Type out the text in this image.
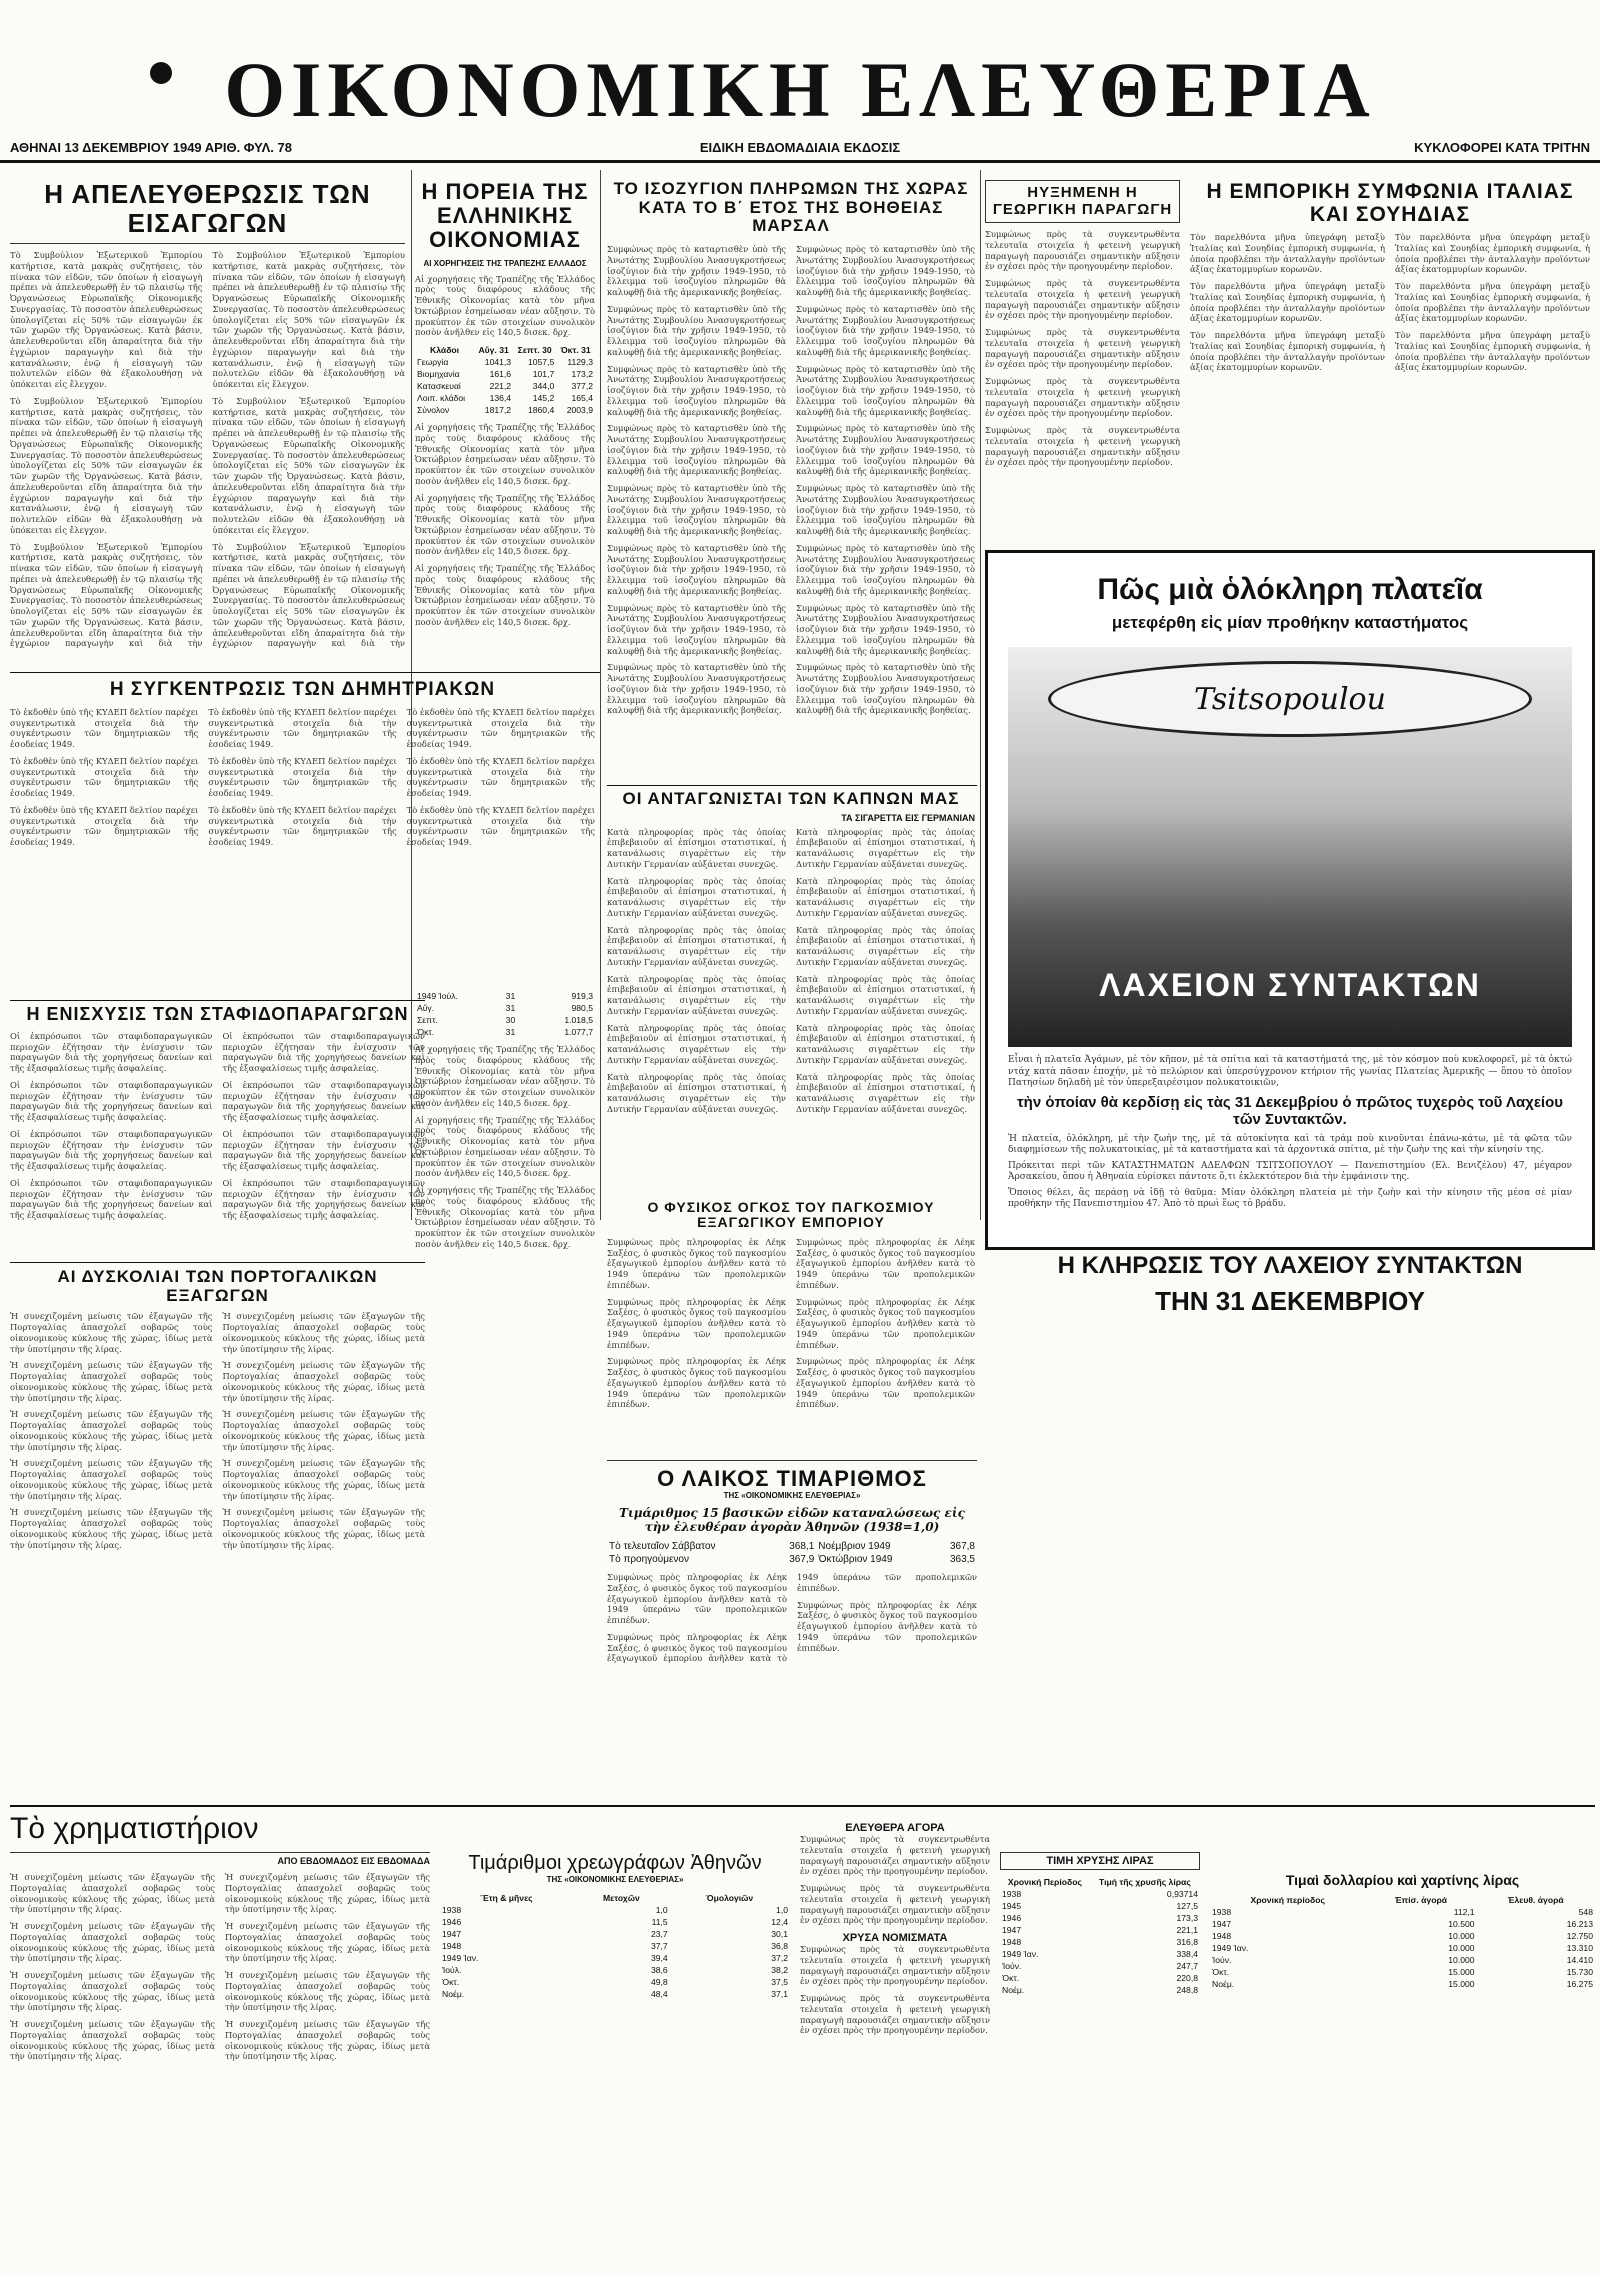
ΟΙΚΟΝΟΜΙΚΗ ΕΛΕΥΘΕΡΙΑ
ΑΘΗΝΑΙ 13 ΔΕΚΕΜΒΡΙΟΥ 1949 ΑΡΙΘ. ΦΥΛ. 78	ΕΙΔΙΚΗ ΕΒΔΟΜΑΔΙΑΙΑ ΕΚΔΟΣΙΣ	ΚΥΚΛΟΦΟΡΕΙ ΚΑΤΑ ΤΡΙΤΗΝ
Η ΑΠΕΛΕΥΘΕΡΩΣΙΣ ΤΩΝ ΕΙΣΑΓΩΓΩΝ

Τὸ Συμβούλιον Ἐξωτερικοῦ Ἐμπορίου κατήρτισε, κατὰ μακρὰς συζητήσεις, τὸν πίνακα τῶν εἰδῶν, τῶν ὁποίων ἡ εἰσαγωγὴ πρέπει νὰ ἀπελευθερωθῇ ἐν τῷ πλαισίῳ τῆς Ὀργανώσεως Εὐρωπαϊκῆς Οἰκονομικῆς Συνεργασίας. Τὸ ποσοστὸν ἀπελευθερώσεως ὑπολογίζεται εἰς 50% τῶν εἰσαγωγῶν ἐκ τῶν χωρῶν τῆς Ὀργανώσεως. Κατὰ βάσιν, ἀπελευθεροῦνται εἴδη ἀπαραίτητα διὰ τὴν ἐγχώριον παραγωγὴν καὶ διὰ τὴν κατανάλωσιν, ἐνῷ ἡ εἰσαγωγὴ τῶν πολυτελῶν εἰδῶν θὰ ἐξακολουθήσῃ νὰ ὑπόκειται εἰς ἔλεγχον.

Τὸ Συμβούλιον Ἐξωτερικοῦ Ἐμπορίου κατήρτισε, κατὰ μακρὰς συζητήσεις, τὸν πίνακα τῶν εἰδῶν, τῶν ὁποίων ἡ εἰσαγωγὴ πρέπει νὰ ἀπελευθερωθῇ ἐν τῷ πλαισίῳ τῆς Ὀργανώσεως Εὐρωπαϊκῆς Οἰκονομικῆς Συνεργασίας. Τὸ ποσοστὸν ἀπελευθερώσεως ὑπολογίζεται εἰς 50% τῶν εἰσαγωγῶν ἐκ τῶν χωρῶν τῆς Ὀργανώσεως. Κατὰ βάσιν, ἀπελευθεροῦνται εἴδη ἀπαραίτητα διὰ τὴν ἐγχώριον παραγωγὴν καὶ διὰ τὴν κατανάλωσιν, ἐνῷ ἡ εἰσαγωγὴ τῶν πολυτελῶν εἰδῶν θὰ ἐξακολουθήσῃ νὰ ὑπόκειται εἰς ἔλεγχον.

Τὸ Συμβούλιον Ἐξωτερικοῦ Ἐμπορίου κατήρτισε, κατὰ μακρὰς συζητήσεις, τὸν πίνακα τῶν εἰδῶν, τῶν ὁποίων ἡ εἰσαγωγὴ πρέπει νὰ ἀπελευθερωθῇ ἐν τῷ πλαισίῳ τῆς Ὀργανώσεως Εὐρωπαϊκῆς Οἰκονομικῆς Συνεργασίας. Τὸ ποσοστὸν ἀπελευθερώσεως ὑπολογίζεται εἰς 50% τῶν εἰσαγωγῶν ἐκ τῶν χωρῶν τῆς Ὀργανώσεως. Κατὰ βάσιν, ἀπελευθεροῦνται εἴδη ἀπαραίτητα διὰ τὴν ἐγχώριον παραγωγὴν καὶ διὰ τὴν

Τὸ Συμβούλιον Ἐξωτερικοῦ Ἐμπορίου κατήρτισε, κατὰ μακρὰς συζητήσεις, τὸν πίνακα τῶν εἰδῶν, τῶν ὁποίων ἡ εἰσαγωγὴ πρέπει νὰ ἀπελευθερωθῇ ἐν τῷ πλαισίῳ τῆς Ὀργανώσεως Εὐρωπαϊκῆς Οἰκονομικῆς Συνεργασίας. Τὸ ποσοστὸν ἀπελευθερώσεως ὑπολογίζεται εἰς 50% τῶν εἰσαγωγῶν ἐκ τῶν χωρῶν τῆς Ὀργανώσεως. Κατὰ βάσιν, ἀπελευθεροῦνται εἴδη ἀπαραίτητα διὰ τὴν ἐγχώριον παραγωγὴν καὶ διὰ τὴν κατανάλωσιν, ἐνῷ ἡ εἰσαγωγὴ τῶν πολυτελῶν εἰδῶν θὰ ἐξακολουθήσῃ νὰ ὑπόκειται εἰς ἔλεγχον.

Τὸ Συμβούλιον Ἐξωτερικοῦ Ἐμπορίου κατήρτισε, κατὰ μακρὰς συζητήσεις, τὸν πίνακα τῶν εἰδῶν, τῶν ὁποίων ἡ εἰσαγωγὴ πρέπει νὰ ἀπελευθερωθῇ ἐν τῷ πλαισίῳ τῆς Ὀργανώσεως Εὐρωπαϊκῆς Οἰκονομικῆς Συνεργασίας. Τὸ ποσοστὸν ἀπελευθερώσεως ὑπολογίζεται εἰς 50% τῶν εἰσαγωγῶν ἐκ τῶν χωρῶν τῆς Ὀργανώσεως. Κατὰ βάσιν, ἀπελευθεροῦνται εἴδη ἀπαραίτητα διὰ τὴν ἐγχώριον παραγωγὴν καὶ διὰ τὴν κατανάλωσιν, ἐνῷ ἡ εἰσαγωγὴ τῶν πολυτελῶν εἰδῶν θὰ ἐξακολουθήσῃ νὰ ὑπόκειται εἰς ἔλεγχον.

Τὸ Συμβούλιον Ἐξωτερικοῦ Ἐμπορίου κατήρτισε, κατὰ μακρὰς συζητήσεις, τὸν πίνακα τῶν εἰδῶν, τῶν ὁποίων ἡ εἰσαγωγὴ πρέπει νὰ ἀπελευθερωθῇ ἐν τῷ πλαισίῳ τῆς Ὀργανώσεως Εὐρωπαϊκῆς Οἰκονομικῆς Συνεργασίας. Τὸ ποσοστὸν ἀπελευθερώσεως ὑπολογίζεται εἰς 50% τῶν εἰσαγωγῶν ἐκ τῶν χωρῶν τῆς Ὀργανώσεως. Κατὰ βάσιν, ἀπελευθεροῦνται εἴδη ἀπαραίτητα διὰ τὴν ἐγχώριον παραγωγὴν καὶ διὰ τὴν

Η ΣΥΓΚΕΝΤΡΩΣΙΣ ΤΩΝ ΔΗΜΗΤΡΙΑΚΩΝ

Τὸ ἐκδοθὲν ὑπὸ τῆς ΚΥΔΕΠ δελτίον παρέχει συγκεντρωτικὰ στοιχεῖα διὰ τὴν συγκέντρωσιν τῶν δημητριακῶν τῆς ἐσοδείας 1949.

Τὸ ἐκδοθὲν ὑπὸ τῆς ΚΥΔΕΠ δελτίον παρέχει συγκεντρωτικὰ στοιχεῖα διὰ τὴν συγκέντρωσιν τῶν δημητριακῶν τῆς ἐσοδείας 1949.

Τὸ ἐκδοθὲν ὑπὸ τῆς ΚΥΔΕΠ δελτίον παρέχει συγκεντρωτικὰ στοιχεῖα διὰ τὴν συγκέντρωσιν τῶν δημητριακῶν τῆς ἐσοδείας 1949.

Τὸ ἐκδοθὲν ὑπὸ τῆς ΚΥΔΕΠ δελτίον παρέχει συγκεντρωτικὰ στοιχεῖα διὰ τὴν συγκέντρωσιν τῶν δημητριακῶν τῆς ἐσοδείας 1949.

Τὸ ἐκδοθὲν ὑπὸ τῆς ΚΥΔΕΠ δελτίον παρέχει συγκεντρωτικὰ στοιχεῖα διὰ τὴν συγκέντρωσιν τῶν δημητριακῶν τῆς ἐσοδείας 1949.

Τὸ ἐκδοθὲν ὑπὸ τῆς ΚΥΔΕΠ δελτίον παρέχει συγκεντρωτικὰ στοιχεῖα διὰ τὴν συγκέντρωσιν τῶν δημητριακῶν τῆς ἐσοδείας 1949.

Τὸ ἐκδοθὲν ὑπὸ τῆς ΚΥΔΕΠ δελτίον παρέχει συγκεντρωτικὰ στοιχεῖα διὰ τὴν συγκέντρωσιν τῶν δημητριακῶν τῆς ἐσοδείας 1949.

Τὸ ἐκδοθὲν ὑπὸ τῆς ΚΥΔΕΠ δελτίον παρέχει συγκεντρωτικὰ στοιχεῖα διὰ τὴν συγκέντρωσιν τῶν δημητριακῶν τῆς ἐσοδείας 1949.

Τὸ ἐκδοθὲν ὑπὸ τῆς ΚΥΔΕΠ δελτίον παρέχει συγκεντρωτικὰ στοιχεῖα διὰ τὴν συγκέντρωσιν τῶν δημητριακῶν τῆς ἐσοδείας 1949.

Η ΕΝΙΣΧΥΣΙΣ ΤΩΝ ΣΤΑΦΙΔΟΠΑΡΑΓΩΓΩΝ

Οἱ ἐκπρόσωποι τῶν σταφιδοπαραγωγικῶν περιοχῶν ἐζήτησαν τὴν ἐνίσχυσιν τῶν παραγωγῶν διὰ τῆς χορηγήσεως δανείων καὶ τῆς ἐξασφαλίσεως τιμῆς ἀσφαλείας.

Οἱ ἐκπρόσωποι τῶν σταφιδοπαραγωγικῶν περιοχῶν ἐζήτησαν τὴν ἐνίσχυσιν τῶν παραγωγῶν διὰ τῆς χορηγήσεως δανείων καὶ τῆς ἐξασφαλίσεως τιμῆς ἀσφαλείας.

Οἱ ἐκπρόσωποι τῶν σταφιδοπαραγωγικῶν περιοχῶν ἐζήτησαν τὴν ἐνίσχυσιν τῶν παραγωγῶν διὰ τῆς χορηγήσεως δανείων καὶ τῆς ἐξασφαλίσεως τιμῆς ἀσφαλείας.

Οἱ ἐκπρόσωποι τῶν σταφιδοπαραγωγικῶν περιοχῶν ἐζήτησαν τὴν ἐνίσχυσιν τῶν παραγωγῶν διὰ τῆς χορηγήσεως δανείων καὶ τῆς ἐξασφαλίσεως τιμῆς ἀσφαλείας.

Οἱ ἐκπρόσωποι τῶν σταφιδοπαραγωγικῶν περιοχῶν ἐζήτησαν τὴν ἐνίσχυσιν τῶν παραγωγῶν διὰ τῆς χορηγήσεως δανείων καὶ τῆς ἐξασφαλίσεως τιμῆς ἀσφαλείας.

Οἱ ἐκπρόσωποι τῶν σταφιδοπαραγωγικῶν περιοχῶν ἐζήτησαν τὴν ἐνίσχυσιν τῶν παραγωγῶν διὰ τῆς χορηγήσεως δανείων καὶ τῆς ἐξασφαλίσεως τιμῆς ἀσφαλείας.

Οἱ ἐκπρόσωποι τῶν σταφιδοπαραγωγικῶν περιοχῶν ἐζήτησαν τὴν ἐνίσχυσιν τῶν παραγωγῶν διὰ τῆς χορηγήσεως δανείων καὶ τῆς ἐξασφαλίσεως τιμῆς ἀσφαλείας.

Οἱ ἐκπρόσωποι τῶν σταφιδοπαραγωγικῶν περιοχῶν ἐζήτησαν τὴν ἐνίσχυσιν τῶν παραγωγῶν διὰ τῆς χορηγήσεως δανείων καὶ τῆς ἐξασφαλίσεως τιμῆς ἀσφαλείας.

ΑΙ ΔΥΣΚΟΛΙΑΙ ΤΩΝ ΠΟΡΤΟΓΑΛΙΚΩΝ ΕΞΑΓΩΓΩΝ

Ἡ συνεχιζομένη μείωσις τῶν ἐξαγωγῶν τῆς Πορτογαλίας ἀπασχολεῖ σοβαρῶς τοὺς οἰκονομικοὺς κύκλους τῆς χώρας, ἰδίως μετὰ τὴν ὑποτίμησιν τῆς λίρας.

Ἡ συνεχιζομένη μείωσις τῶν ἐξαγωγῶν τῆς Πορτογαλίας ἀπασχολεῖ σοβαρῶς τοὺς οἰκονομικοὺς κύκλους τῆς χώρας, ἰδίως μετὰ τὴν ὑποτίμησιν τῆς λίρας.

Ἡ συνεχιζομένη μείωσις τῶν ἐξαγωγῶν τῆς Πορτογαλίας ἀπασχολεῖ σοβαρῶς τοὺς οἰκονομικοὺς κύκλους τῆς χώρας, ἰδίως μετὰ τὴν ὑποτίμησιν τῆς λίρας.

Ἡ συνεχιζομένη μείωσις τῶν ἐξαγωγῶν τῆς Πορτογαλίας ἀπασχολεῖ σοβαρῶς τοὺς οἰκονομικοὺς κύκλους τῆς χώρας, ἰδίως μετὰ τὴν ὑποτίμησιν τῆς λίρας.

Ἡ συνεχιζομένη μείωσις τῶν ἐξαγωγῶν τῆς Πορτογαλίας ἀπασχολεῖ σοβαρῶς τοὺς οἰκονομικοὺς κύκλους τῆς χώρας, ἰδίως μετὰ τὴν ὑποτίμησιν τῆς λίρας.

Ἡ συνεχιζομένη μείωσις τῶν ἐξαγωγῶν τῆς Πορτογαλίας ἀπασχολεῖ σοβαρῶς τοὺς οἰκονομικοὺς κύκλους τῆς χώρας, ἰδίως μετὰ τὴν ὑποτίμησιν τῆς λίρας.

Ἡ συνεχιζομένη μείωσις τῶν ἐξαγωγῶν τῆς Πορτογαλίας ἀπασχολεῖ σοβαρῶς τοὺς οἰκονομικοὺς κύκλους τῆς χώρας, ἰδίως μετὰ τὴν ὑποτίμησιν τῆς λίρας.

Ἡ συνεχιζομένη μείωσις τῶν ἐξαγωγῶν τῆς Πορτογαλίας ἀπασχολεῖ σοβαρῶς τοὺς οἰκονομικοὺς κύκλους τῆς χώρας, ἰδίως μετὰ τὴν ὑποτίμησιν τῆς λίρας.

Ἡ συνεχιζομένη μείωσις τῶν ἐξαγωγῶν τῆς Πορτογαλίας ἀπασχολεῖ σοβαρῶς τοὺς οἰκονομικοὺς κύκλους τῆς χώρας, ἰδίως μετὰ τὴν ὑποτίμησιν τῆς λίρας.

Ἡ συνεχιζομένη μείωσις τῶν ἐξαγωγῶν τῆς Πορτογαλίας ἀπασχολεῖ σοβαρῶς τοὺς οἰκονομικοὺς κύκλους τῆς χώρας, ἰδίως μετὰ τὴν ὑποτίμησιν τῆς λίρας.

Η ΠΟΡΕΙΑ ΤΗΣ ΕΛΛΗΝΙΚΗΣ ΟΙΚΟΝΟΜΙΑΣ
ΑΙ ΧΟΡΗΓΗΣΕΙΣ ΤΗΣ ΤΡΑΠΕΖΗΣ ΕΛΛΑΔΟΣ

Αἱ χορηγήσεις τῆς Τραπέζης τῆς Ἑλλάδος πρὸς τοὺς διαφόρους κλάδους τῆς Ἐθνικῆς Οἰκονομίας κατὰ τὸν μῆνα Ὀκτώβριον ἐσημείωσαν νέαν αὔξησιν. Τὸ προκύπτον ἐκ τῶν στοιχείων συνολικὸν ποσὸν ἀνῆλθεν εἰς 140,5 δισεκ. δρχ.

Κλάδοι	Αὔγ. 31	Σεπτ. 30	Ὀκτ. 31
Γεωργία	1041,3	1057,5	1129,3
Βιομηχανία	161,6	101,7	173,2
Κατασκευαί	221,2	344,0	377,2
Λοιπ. κλάδοι	136,4	145,2	165,4
Σύνολον	1817,2	1860,4	2003,9

Αἱ χορηγήσεις τῆς Τραπέζης τῆς Ἑλλάδος πρὸς τοὺς διαφόρους κλάδους τῆς Ἐθνικῆς Οἰκονομίας κατὰ τὸν μῆνα Ὀκτώβριον ἐσημείωσαν νέαν αὔξησιν. Τὸ προκύπτον ἐκ τῶν στοιχείων συνολικὸν ποσὸν ἀνῆλθεν εἰς 140,5 δισεκ. δρχ.

Αἱ χορηγήσεις τῆς Τραπέζης τῆς Ἑλλάδος πρὸς τοὺς διαφόρους κλάδους τῆς Ἐθνικῆς Οἰκονομίας κατὰ τὸν μῆνα Ὀκτώβριον ἐσημείωσαν νέαν αὔξησιν. Τὸ προκύπτον ἐκ τῶν στοιχείων συνολικὸν ποσὸν ἀνῆλθεν εἰς 140,5 δισεκ. δρχ.

Αἱ χορηγήσεις τῆς Τραπέζης τῆς Ἑλλάδος πρὸς τοὺς διαφόρους κλάδους τῆς Ἐθνικῆς Οἰκονομίας κατὰ τὸν μῆνα Ὀκτώβριον ἐσημείωσαν νέαν αὔξησιν. Τὸ προκύπτον ἐκ τῶν στοιχείων συνολικὸν ποσὸν ἀνῆλθεν εἰς 140,5 δισεκ. δρχ.

1949 Ἰούλ.	31	919,3
Αὔγ.	31	980,5
Σεπτ.	30	1.018,5
Ὀκτ.	31	1.077,7

Αἱ χορηγήσεις τῆς Τραπέζης τῆς Ἑλλάδος πρὸς τοὺς διαφόρους κλάδους τῆς Ἐθνικῆς Οἰκονομίας κατὰ τὸν μῆνα Ὀκτώβριον ἐσημείωσαν νέαν αὔξησιν. Τὸ προκύπτον ἐκ τῶν στοιχείων συνολικὸν ποσὸν ἀνῆλθεν εἰς 140,5 δισεκ. δρχ.

Αἱ χορηγήσεις τῆς Τραπέζης τῆς Ἑλλάδος πρὸς τοὺς διαφόρους κλάδους τῆς Ἐθνικῆς Οἰκονομίας κατὰ τὸν μῆνα Ὀκτώβριον ἐσημείωσαν νέαν αὔξησιν. Τὸ προκύπτον ἐκ τῶν στοιχείων συνολικὸν ποσὸν ἀνῆλθεν εἰς 140,5 δισεκ. δρχ.

Αἱ χορηγήσεις τῆς Τραπέζης τῆς Ἑλλάδος πρὸς τοὺς διαφόρους κλάδους τῆς Ἐθνικῆς Οἰκονομίας κατὰ τὸν μῆνα Ὀκτώβριον ἐσημείωσαν νέαν αὔξησιν. Τὸ προκύπτον ἐκ τῶν στοιχείων συνολικὸν ποσὸν ἀνῆλθεν εἰς 140,5 δισεκ. δρχ.

ΤΟ ΙΣΟΖΥΓΙΟΝ ΠΛΗΡΩΜΩΝ ΤΗΣ ΧΩΡΑΣ ΚΑΤΑ ΤΟ Β΄ ΕΤΟΣ ΤΗΣ ΒΟΗΘΕΙΑΣ ΜΑΡΣΑΛ

Συμφώνως πρὸς τὸ καταρτισθὲν ὑπὸ τῆς Ἀνωτάτης Συμβουλίου Ἀνασυγκροτήσεως ἰσοζύγιον διὰ τὴν χρῆσιν 1949-1950, τὸ ἔλλειμμα τοῦ ἰσοζυγίου πληρωμῶν θὰ καλυφθῇ διὰ τῆς ἀμερικανικῆς βοηθείας.

Συμφώνως πρὸς τὸ καταρτισθὲν ὑπὸ τῆς Ἀνωτάτης Συμβουλίου Ἀνασυγκροτήσεως ἰσοζύγιον διὰ τὴν χρῆσιν 1949-1950, τὸ ἔλλειμμα τοῦ ἰσοζυγίου πληρωμῶν θὰ καλυφθῇ διὰ τῆς ἀμερικανικῆς βοηθείας.

Συμφώνως πρὸς τὸ καταρτισθὲν ὑπὸ τῆς Ἀνωτάτης Συμβουλίου Ἀνασυγκροτήσεως ἰσοζύγιον διὰ τὴν χρῆσιν 1949-1950, τὸ ἔλλειμμα τοῦ ἰσοζυγίου πληρωμῶν θὰ καλυφθῇ διὰ τῆς ἀμερικανικῆς βοηθείας.

Συμφώνως πρὸς τὸ καταρτισθὲν ὑπὸ τῆς Ἀνωτάτης Συμβουλίου Ἀνασυγκροτήσεως ἰσοζύγιον διὰ τὴν χρῆσιν 1949-1950, τὸ ἔλλειμμα τοῦ ἰσοζυγίου πληρωμῶν θὰ καλυφθῇ διὰ τῆς ἀμερικανικῆς βοηθείας.

Συμφώνως πρὸς τὸ καταρτισθὲν ὑπὸ τῆς Ἀνωτάτης Συμβουλίου Ἀνασυγκροτήσεως ἰσοζύγιον διὰ τὴν χρῆσιν 1949-1950, τὸ ἔλλειμμα τοῦ ἰσοζυγίου πληρωμῶν θὰ καλυφθῇ διὰ τῆς ἀμερικανικῆς βοηθείας.

Συμφώνως πρὸς τὸ καταρτισθὲν ὑπὸ τῆς Ἀνωτάτης Συμβουλίου Ἀνασυγκροτήσεως ἰσοζύγιον διὰ τὴν χρῆσιν 1949-1950, τὸ ἔλλειμμα τοῦ ἰσοζυγίου πληρωμῶν θὰ καλυφθῇ διὰ τῆς ἀμερικανικῆς βοηθείας.

Συμφώνως πρὸς τὸ καταρτισθὲν ὑπὸ τῆς Ἀνωτάτης Συμβουλίου Ἀνασυγκροτήσεως ἰσοζύγιον διὰ τὴν χρῆσιν 1949-1950, τὸ ἔλλειμμα τοῦ ἰσοζυγίου πληρωμῶν θὰ καλυφθῇ διὰ τῆς ἀμερικανικῆς βοηθείας.

Συμφώνως πρὸς τὸ καταρτισθὲν ὑπὸ τῆς Ἀνωτάτης Συμβουλίου Ἀνασυγκροτήσεως ἰσοζύγιον διὰ τὴν χρῆσιν 1949-1950, τὸ ἔλλειμμα τοῦ ἰσοζυγίου πληρωμῶν θὰ καλυφθῇ διὰ τῆς ἀμερικανικῆς βοηθείας.

Συμφώνως πρὸς τὸ καταρτισθὲν ὑπὸ τῆς Ἀνωτάτης Συμβουλίου Ἀνασυγκροτήσεως ἰσοζύγιον διὰ τὴν χρῆσιν 1949-1950, τὸ ἔλλειμμα τοῦ ἰσοζυγίου πληρωμῶν θὰ καλυφθῇ διὰ τῆς ἀμερικανικῆς βοηθείας.

Συμφώνως πρὸς τὸ καταρτισθὲν ὑπὸ τῆς Ἀνωτάτης Συμβουλίου Ἀνασυγκροτήσεως ἰσοζύγιον διὰ τὴν χρῆσιν 1949-1950, τὸ ἔλλειμμα τοῦ ἰσοζυγίου πληρωμῶν θὰ καλυφθῇ διὰ τῆς ἀμερικανικῆς βοηθείας.

Συμφώνως πρὸς τὸ καταρτισθὲν ὑπὸ τῆς Ἀνωτάτης Συμβουλίου Ἀνασυγκροτήσεως ἰσοζύγιον διὰ τὴν χρῆσιν 1949-1950, τὸ ἔλλειμμα τοῦ ἰσοζυγίου πληρωμῶν θὰ καλυφθῇ διὰ τῆς ἀμερικανικῆς βοηθείας.

Συμφώνως πρὸς τὸ καταρτισθὲν ὑπὸ τῆς Ἀνωτάτης Συμβουλίου Ἀνασυγκροτήσεως ἰσοζύγιον διὰ τὴν χρῆσιν 1949-1950, τὸ ἔλλειμμα τοῦ ἰσοζυγίου πληρωμῶν θὰ καλυφθῇ διὰ τῆς ἀμερικανικῆς βοηθείας.

Συμφώνως πρὸς τὸ καταρτισθὲν ὑπὸ τῆς Ἀνωτάτης Συμβουλίου Ἀνασυγκροτήσεως ἰσοζύγιον διὰ τὴν χρῆσιν 1949-1950, τὸ ἔλλειμμα τοῦ ἰσοζυγίου πληρωμῶν θὰ καλυφθῇ διὰ τῆς ἀμερικανικῆς βοηθείας.

Συμφώνως πρὸς τὸ καταρτισθὲν ὑπὸ τῆς Ἀνωτάτης Συμβουλίου Ἀνασυγκροτήσεως ἰσοζύγιον διὰ τὴν χρῆσιν 1949-1950, τὸ ἔλλειμμα τοῦ ἰσοζυγίου πληρωμῶν θὰ καλυφθῇ διὰ τῆς ἀμερικανικῆς βοηθείας.

Συμφώνως πρὸς τὸ καταρτισθὲν ὑπὸ τῆς Ἀνωτάτης Συμβουλίου Ἀνασυγκροτήσεως ἰσοζύγιον διὰ τὴν χρῆσιν 1949-1950, τὸ ἔλλειμμα τοῦ ἰσοζυγίου πληρωμῶν θὰ καλυφθῇ διὰ τῆς ἀμερικανικῆς βοηθείας.

Συμφώνως πρὸς τὸ καταρτισθὲν ὑπὸ τῆς Ἀνωτάτης Συμβουλίου Ἀνασυγκροτήσεως ἰσοζύγιον διὰ τὴν χρῆσιν 1949-1950, τὸ ἔλλειμμα τοῦ ἰσοζυγίου πληρωμῶν θὰ καλυφθῇ διὰ τῆς ἀμερικανικῆς βοηθείας.

ΟΙ ΑΝΤΑΓΩΝΙΣΤΑΙ ΤΩΝ ΚΑΠΝΩΝ ΜΑΣ
ΤΑ ΣΙΓΑΡΕΤΤΑ ΕΙΣ ΓΕΡΜΑΝΙΑΝ

Κατὰ πληροφορίας πρὸς τὰς ὁποίας ἐπιβεβαιοῦν αἱ ἐπίσημοι στατιστικαί, ἡ κατανάλωσις σιγαρέττων εἰς τὴν Δυτικὴν Γερμανίαν αὐξάνεται συνεχῶς.

Κατὰ πληροφορίας πρὸς τὰς ὁποίας ἐπιβεβαιοῦν αἱ ἐπίσημοι στατιστικαί, ἡ κατανάλωσις σιγαρέττων εἰς τὴν Δυτικὴν Γερμανίαν αὐξάνεται συνεχῶς.

Κατὰ πληροφορίας πρὸς τὰς ὁποίας ἐπιβεβαιοῦν αἱ ἐπίσημοι στατιστικαί, ἡ κατανάλωσις σιγαρέττων εἰς τὴν Δυτικὴν Γερμανίαν αὐξάνεται συνεχῶς.

Κατὰ πληροφορίας πρὸς τὰς ὁποίας ἐπιβεβαιοῦν αἱ ἐπίσημοι στατιστικαί, ἡ κατανάλωσις σιγαρέττων εἰς τὴν Δυτικὴν Γερμανίαν αὐξάνεται συνεχῶς.

Κατὰ πληροφορίας πρὸς τὰς ὁποίας ἐπιβεβαιοῦν αἱ ἐπίσημοι στατιστικαί, ἡ κατανάλωσις σιγαρέττων εἰς τὴν Δυτικὴν Γερμανίαν αὐξάνεται συνεχῶς.

Κατὰ πληροφορίας πρὸς τὰς ὁποίας ἐπιβεβαιοῦν αἱ ἐπίσημοι στατιστικαί, ἡ κατανάλωσις σιγαρέττων εἰς τὴν Δυτικὴν Γερμανίαν αὐξάνεται συνεχῶς.

Κατὰ πληροφορίας πρὸς τὰς ὁποίας ἐπιβεβαιοῦν αἱ ἐπίσημοι στατιστικαί, ἡ κατανάλωσις σιγαρέττων εἰς τὴν Δυτικὴν Γερμανίαν αὐξάνεται συνεχῶς.

Κατὰ πληροφορίας πρὸς τὰς ὁποίας ἐπιβεβαιοῦν αἱ ἐπίσημοι στατιστικαί, ἡ κατανάλωσις σιγαρέττων εἰς τὴν Δυτικὴν Γερμανίαν αὐξάνεται συνεχῶς.

Κατὰ πληροφορίας πρὸς τὰς ὁποίας ἐπιβεβαιοῦν αἱ ἐπίσημοι στατιστικαί, ἡ κατανάλωσις σιγαρέττων εἰς τὴν Δυτικὴν Γερμανίαν αὐξάνεται συνεχῶς.

Κατὰ πληροφορίας πρὸς τὰς ὁποίας ἐπιβεβαιοῦν αἱ ἐπίσημοι στατιστικαί, ἡ κατανάλωσις σιγαρέττων εἰς τὴν Δυτικὴν Γερμανίαν αὐξάνεται συνεχῶς.

Κατὰ πληροφορίας πρὸς τὰς ὁποίας ἐπιβεβαιοῦν αἱ ἐπίσημοι στατιστικαί, ἡ κατανάλωσις σιγαρέττων εἰς τὴν Δυτικὴν Γερμανίαν αὐξάνεται συνεχῶς.

Κατὰ πληροφορίας πρὸς τὰς ὁποίας ἐπιβεβαιοῦν αἱ ἐπίσημοι στατιστικαί, ἡ κατανάλωσις σιγαρέττων εἰς τὴν Δυτικὴν Γερμανίαν αὐξάνεται συνεχῶς.

Ο ΦΥΣΙΚΟΣ ΟΓΚΟΣ ΤΟΥ ΠΑΓΚΟΣΜΙΟΥ ΕΞΑΓΩΓΙΚΟΥ ΕΜΠΟΡΙΟΥ

Συμφώνως πρὸς πληροφορίας ἐκ Λέηκ Σαξέσς, ὁ φυσικὸς ὄγκος τοῦ παγκοσμίου ἐξαγωγικοῦ ἐμπορίου ἀνῆλθεν κατὰ τὸ 1949 ὑπεράνω τῶν προπολεμικῶν ἐπιπέδων.

Συμφώνως πρὸς πληροφορίας ἐκ Λέηκ Σαξέσς, ὁ φυσικὸς ὄγκος τοῦ παγκοσμίου ἐξαγωγικοῦ ἐμπορίου ἀνῆλθεν κατὰ τὸ 1949 ὑπεράνω τῶν προπολεμικῶν ἐπιπέδων.

Συμφώνως πρὸς πληροφορίας ἐκ Λέηκ Σαξέσς, ὁ φυσικὸς ὄγκος τοῦ παγκοσμίου ἐξαγωγικοῦ ἐμπορίου ἀνῆλθεν κατὰ τὸ 1949 ὑπεράνω τῶν προπολεμικῶν ἐπιπέδων.

Συμφώνως πρὸς πληροφορίας ἐκ Λέηκ Σαξέσς, ὁ φυσικὸς ὄγκος τοῦ παγκοσμίου ἐξαγωγικοῦ ἐμπορίου ἀνῆλθεν κατὰ τὸ 1949 ὑπεράνω τῶν προπολεμικῶν ἐπιπέδων.

Συμφώνως πρὸς πληροφορίας ἐκ Λέηκ Σαξέσς, ὁ φυσικὸς ὄγκος τοῦ παγκοσμίου ἐξαγωγικοῦ ἐμπορίου ἀνῆλθεν κατὰ τὸ 1949 ὑπεράνω τῶν προπολεμικῶν ἐπιπέδων.

Συμφώνως πρὸς πληροφορίας ἐκ Λέηκ Σαξέσς, ὁ φυσικὸς ὄγκος τοῦ παγκοσμίου ἐξαγωγικοῦ ἐμπορίου ἀνῆλθεν κατὰ τὸ 1949 ὑπεράνω τῶν προπολεμικῶν ἐπιπέδων.

ΗΥΞΗΜΕΝΗ Η ΓΕΩΡΓΙΚΗ ΠΑΡΑΓΩΓΗ

Συμφώνως πρὸς τὰ συγκεντρωθέντα τελευταῖα στοιχεῖα ἡ φετεινὴ γεωργικὴ παραγωγὴ παρουσιάζει σημαντικὴν αὔξησιν ἐν σχέσει πρὸς τὴν προηγουμένην περίοδον.

Συμφώνως πρὸς τὰ συγκεντρωθέντα τελευταῖα στοιχεῖα ἡ φετεινὴ γεωργικὴ παραγωγὴ παρουσιάζει σημαντικὴν αὔξησιν ἐν σχέσει πρὸς τὴν προηγουμένην περίοδον.

Συμφώνως πρὸς τὰ συγκεντρωθέντα τελευταῖα στοιχεῖα ἡ φετεινὴ γεωργικὴ παραγωγὴ παρουσιάζει σημαντικὴν αὔξησιν ἐν σχέσει πρὸς τὴν προηγουμένην περίοδον.

Συμφώνως πρὸς τὰ συγκεντρωθέντα τελευταῖα στοιχεῖα ἡ φετεινὴ γεωργικὴ παραγωγὴ παρουσιάζει σημαντικὴν αὔξησιν ἐν σχέσει πρὸς τὴν προηγουμένην περίοδον.

Συμφώνως πρὸς τὰ συγκεντρωθέντα τελευταῖα στοιχεῖα ἡ φετεινὴ γεωργικὴ παραγωγὴ παρουσιάζει σημαντικὴν αὔξησιν ἐν σχέσει πρὸς τὴν προηγουμένην περίοδον.

Η ΕΜΠΟΡΙΚΗ ΣΥΜΦΩΝΙΑ ΙΤΑΛΙΑΣ ΚΑΙ ΣΟΥΗΔΙΑΣ

Τὸν παρελθόντα μῆνα ὑπεγράφη μεταξὺ Ἰταλίας καὶ Σουηδίας ἐμπορικὴ συμφωνία, ἡ ὁποία προβλέπει τὴν ἀνταλλαγὴν προϊόντων ἀξίας ἑκατομμυρίων κορωνῶν.

Τὸν παρελθόντα μῆνα ὑπεγράφη μεταξὺ Ἰταλίας καὶ Σουηδίας ἐμπορικὴ συμφωνία, ἡ ὁποία προβλέπει τὴν ἀνταλλαγὴν προϊόντων ἀξίας ἑκατομμυρίων κορωνῶν.

Τὸν παρελθόντα μῆνα ὑπεγράφη μεταξὺ Ἰταλίας καὶ Σουηδίας ἐμπορικὴ συμφωνία, ἡ ὁποία προβλέπει τὴν ἀνταλλαγὴν προϊόντων ἀξίας ἑκατομμυρίων κορωνῶν.

Τὸν παρελθόντα μῆνα ὑπεγράφη μεταξὺ Ἰταλίας καὶ Σουηδίας ἐμπορικὴ συμφωνία, ἡ ὁποία προβλέπει τὴν ἀνταλλαγὴν προϊόντων ἀξίας ἑκατομμυρίων κορωνῶν.

Τὸν παρελθόντα μῆνα ὑπεγράφη μεταξὺ Ἰταλίας καὶ Σουηδίας ἐμπορικὴ συμφωνία, ἡ ὁποία προβλέπει τὴν ἀνταλλαγὴν προϊόντων ἀξίας ἑκατομμυρίων κορωνῶν.

Τὸν παρελθόντα μῆνα ὑπεγράφη μεταξὺ Ἰταλίας καὶ Σουηδίας ἐμπορικὴ συμφωνία, ἡ ὁποία προβλέπει τὴν ἀνταλλαγὴν προϊόντων ἀξίας ἑκατομμυρίων κορωνῶν.

Πῶς μιὰ ὁλόκληρη πλατεῖα
μετεφέρθη εἰς μίαν προθήκην καταστήματος
Tsitsopoulou
ΛΑΧΕΙΟΝ ΣΥΝΤΑΚΤΩΝ

Εἶναι ἡ πλατεῖα Ἀγάμων, μὲ τὸν κῆπον, μὲ τὰ σπίτια καὶ τὰ καταστήματά της, μὲ τὸν κόσμον ποὺ κυκλοφορεῖ, μὲ τὰ ὀκτώ ντάχ κατὰ πᾶσαν ἐποχήν, μὲ τὸ πελώριον καὶ ὑπερσύγχρονον κτήριον τῆς γωνίας Πλατείας Ἀμερικῆς — ὅπου τὸ ὁποῖον Πατησίων δηλαδὴ μὲ τὸν ὑπερεξαιρέσιμον πολυκατοικιῶν,

τὴν ὁποίαν θὰ κερδίσῃ εἰς τὰς 31 Δεκεμβρίου ὁ πρῶτος τυχερὸς τοῦ Λαχείου τῶν Συντακτῶν.

Ἡ πλατεία, ὁλόκληρη, μὲ τὴν ζωὴν της, μὲ τὰ αὐτοκίνητα καὶ τὰ τράμ ποὺ κινοῦνται ἐπάνω-κάτω, μὲ τὰ φῶτα τῶν διαφημίσεων τῆς πολυκατοικίας, μὲ τὰ καταστήματα καὶ τὰ ἀρχοντικά σπίτια, μὲ τὴν ζωὴν της καὶ τὴν κίνησίν της.

Πρόκειται περὶ τῶν ΚΑΤΑΣΤΗΜΑΤΩΝ ΑΔΕΛΦΩΝ ΤΣΙΤΣΟΠΟΥΛΟΥ — Πανεπιστημίου (Ελ. Βενιζέλου) 47, μέγαρον Ἀρσακείου, ὅπου ἡ Ἀθηναία εὑρίσκει πάντοτε ὅ,τι ἐκλεκτότερον διὰ τὴν ἐμφάνισιν της.

Ὅποιος θέλει, ἂς περάσῃ νὰ ἰδῇ τὸ θαῦμα: Μίαν ὁλόκληρη πλατεία μὲ τὴν ζωὴν καὶ τὴν κίνησιν τῆς μέσα σὲ μίαν προθήκην τῆς Πανεπιστημίου 47. Ἀπὸ τὸ πρωὶ ἕως τὸ βράδυ.

Η ΚΛΗΡΩΣΙΣ ΤΟΥ ΛΑΧΕΙΟΥ ΣΥΝΤΑΚΤΩΝ
ΤΗΝ 31 ΔΕΚΕΜΒΡΙΟΥ
Ο ΛΑΙΚΟΣ ΤΙΜΑΡΙΘΜΟΣ
ΤΗΣ «ΟΙΚΟΝΟΜΙΚΗΣ ΕΛΕΥΘΕΡΙΑΣ»
Τιμάριθμος 15 βασικῶν εἰδῶν καταναλώσεως εἰς τὴν ἐλευθέραν ἀγορὰν Ἀθηνῶν (1938=1,0)
Τὸ τελευταῖον Σάββατον	368,1	Νοέμβριον 1949	367,8
Τὸ προηγούμενον	367,9	Ὀκτώβριον 1949	363,5

Συμφώνως πρὸς πληροφορίας ἐκ Λέηκ Σαξέσς, ὁ φυσικὸς ὄγκος τοῦ παγκοσμίου ἐξαγωγικοῦ ἐμπορίου ἀνῆλθεν κατὰ τὸ 1949 ὑπεράνω τῶν προπολεμικῶν ἐπιπέδων.

Συμφώνως πρὸς πληροφορίας ἐκ Λέηκ Σαξέσς, ὁ φυσικὸς ὄγκος τοῦ παγκοσμίου ἐξαγωγικοῦ ἐμπορίου ἀνῆλθεν κατὰ τὸ 1949 ὑπεράνω τῶν προπολεμικῶν ἐπιπέδων.

Συμφώνως πρὸς πληροφορίας ἐκ Λέηκ Σαξέσς, ὁ φυσικὸς ὄγκος τοῦ παγκοσμίου ἐξαγωγικοῦ ἐμπορίου ἀνῆλθεν κατὰ τὸ 1949 ὑπεράνω τῶν προπολεμικῶν ἐπιπέδων.

Τὸ χρηματιστήριον
ΑΠΟ ΕΒΔΟΜΑΔΟΣ ΕΙΣ ΕΒΔΟΜΑΔΑ

Ἡ συνεχιζομένη μείωσις τῶν ἐξαγωγῶν τῆς Πορτογαλίας ἀπασχολεῖ σοβαρῶς τοὺς οἰκονομικοὺς κύκλους τῆς χώρας, ἰδίως μετὰ τὴν ὑποτίμησιν τῆς λίρας.

Ἡ συνεχιζομένη μείωσις τῶν ἐξαγωγῶν τῆς Πορτογαλίας ἀπασχολεῖ σοβαρῶς τοὺς οἰκονομικοὺς κύκλους τῆς χώρας, ἰδίως μετὰ τὴν ὑποτίμησιν τῆς λίρας.

Ἡ συνεχιζομένη μείωσις τῶν ἐξαγωγῶν τῆς Πορτογαλίας ἀπασχολεῖ σοβαρῶς τοὺς οἰκονομικοὺς κύκλους τῆς χώρας, ἰδίως μετὰ τὴν ὑποτίμησιν τῆς λίρας.

Ἡ συνεχιζομένη μείωσις τῶν ἐξαγωγῶν τῆς Πορτογαλίας ἀπασχολεῖ σοβαρῶς τοὺς οἰκονομικοὺς κύκλους τῆς χώρας, ἰδίως μετὰ τὴν ὑποτίμησιν τῆς λίρας.

Ἡ συνεχιζομένη μείωσις τῶν ἐξαγωγῶν τῆς Πορτογαλίας ἀπασχολεῖ σοβαρῶς τοὺς οἰκονομικοὺς κύκλους τῆς χώρας, ἰδίως μετὰ τὴν ὑποτίμησιν τῆς λίρας.

Ἡ συνεχιζομένη μείωσις τῶν ἐξαγωγῶν τῆς Πορτογαλίας ἀπασχολεῖ σοβαρῶς τοὺς οἰκονομικοὺς κύκλους τῆς χώρας, ἰδίως μετὰ τὴν ὑποτίμησιν τῆς λίρας.

Ἡ συνεχιζομένη μείωσις τῶν ἐξαγωγῶν τῆς Πορτογαλίας ἀπασχολεῖ σοβαρῶς τοὺς οἰκονομικοὺς κύκλους τῆς χώρας, ἰδίως μετὰ τὴν ὑποτίμησιν τῆς λίρας.

Ἡ συνεχιζομένη μείωσις τῶν ἐξαγωγῶν τῆς Πορτογαλίας ἀπασχολεῖ σοβαρῶς τοὺς οἰκονομικοὺς κύκλους τῆς χώρας, ἰδίως μετὰ τὴν ὑποτίμησιν τῆς λίρας.

Τιμάριθμοι χρεωγράφων Ἀθηνῶν
ΤΗΣ «ΟΙΚΟΝΟΜΙΚΗΣ ΕΛΕΥΘΕΡΙΑΣ»
Ἔτη & μῆνες	Μετοχῶν	Ὁμολογιῶν
1938	1,0	1,0
1946	11,5	12,4
1947	23,7	30,1
1948	37,7	36,8
1949 Ἰαν.	39,4	37,2
Ἰούλ.	38,6	38,2
Ὀκτ.	49,8	37,5
Νοέμ.	48,4	37,1
ΕΛΕΥΘΕΡΑ ΑΓΟΡΑ

Συμφώνως πρὸς τὰ συγκεντρωθέντα τελευταῖα στοιχεῖα ἡ φετεινὴ γεωργικὴ παραγωγὴ παρουσιάζει σημαντικὴν αὔξησιν ἐν σχέσει πρὸς τὴν προηγουμένην περίοδον.

Συμφώνως πρὸς τὰ συγκεντρωθέντα τελευταῖα στοιχεῖα ἡ φετεινὴ γεωργικὴ παραγωγὴ παρουσιάζει σημαντικὴν αὔξησιν ἐν σχέσει πρὸς τὴν προηγουμένην περίοδον.

ΧΡΥΣΑ ΝΟΜΙΣΜΑΤΑ

Συμφώνως πρὸς τὰ συγκεντρωθέντα τελευταῖα στοιχεῖα ἡ φετεινὴ γεωργικὴ παραγωγὴ παρουσιάζει σημαντικὴν αὔξησιν ἐν σχέσει πρὸς τὴν προηγουμένην περίοδον.

Συμφώνως πρὸς τὰ συγκεντρωθέντα τελευταῖα στοιχεῖα ἡ φετεινὴ γεωργικὴ παραγωγὴ παρουσιάζει σημαντικὴν αὔξησιν ἐν σχέσει πρὸς τὴν προηγουμένην περίοδον.

ΤΙΜΗ ΧΡΥΣΗΣ ΛΙΡΑΣ
Χρονική Περίοδος	Τιμή τῆς χρυσῆς λίρας
1938	0,93714
1945	127,5
1946	173,3
1947	221,1
1948	316,8
1949 Ἰαν.	338,4
Ἰούν.	247,7
Ὀκτ.	220,8
Νοέμ.	248,8
Τιμαὶ δολλαρίου καὶ χαρτίνης λίρας
Χρονική περίοδος	Ἐπίσ. ἀγορά	Ἐλευθ. ἀγορά
1938	112,1	548
1947	10.500	16.213
1948	10.000	12.750
1949 Ἰαν.	10.000	13.310
Ἰούν.	10.000	14.410
Ὀκτ.	15.000	15.730
Νοέμ.	15.000	16.275
